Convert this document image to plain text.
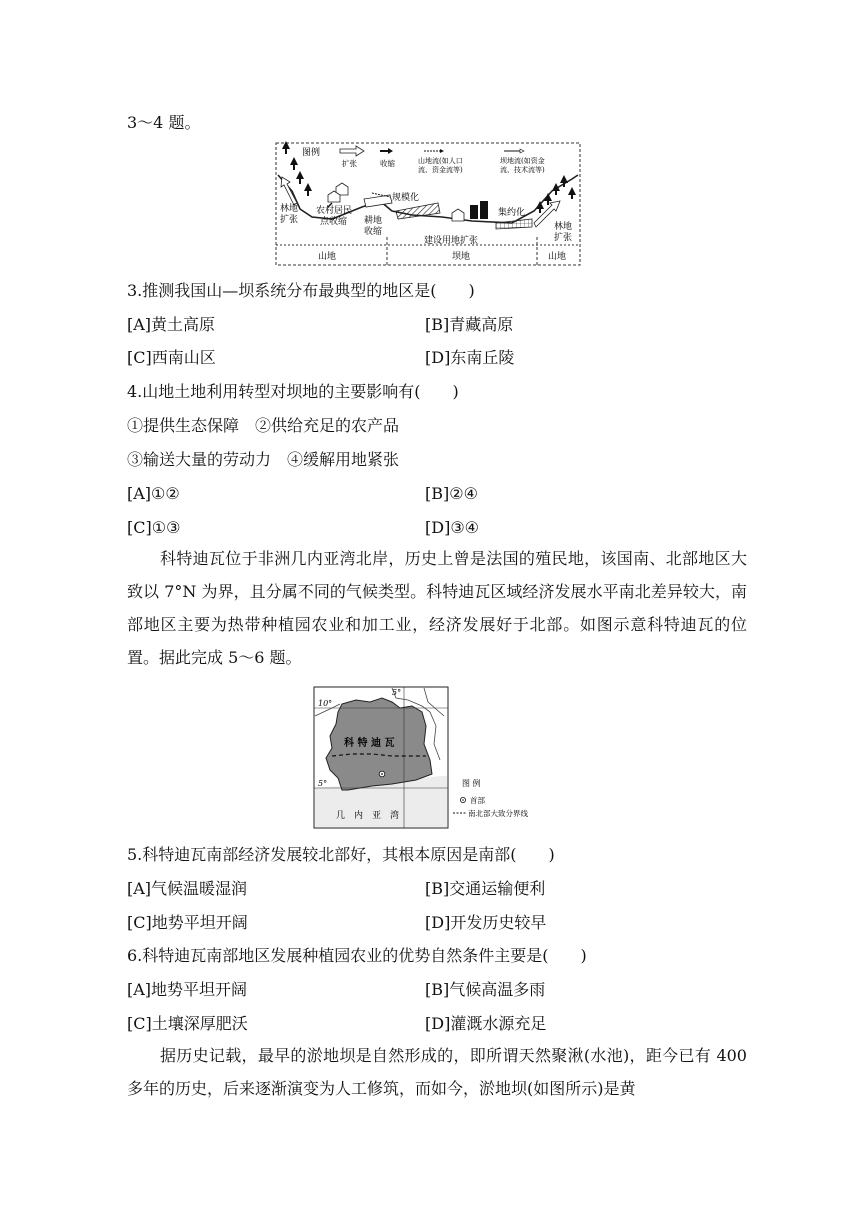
3～4 题。
图例
扩张	收缩	山地流(如人口
流、资金流等)
坝地流(如资金
流、技术流等)
林地
扩张
农村居民
点收缩 耕地
收缩
规模化
建设用地扩张
集约化
林地
扩张
山地	坝地	山地
3.推测我国山—坝系统分布最典型的地区是(　　)
[A]黄土高原	[B]青藏高原
[C]西南山区	[D]东南丘陵
4.山地土地利用转型对坝地的主要影响有(　　)
①提供生态保障　②供给充足的农产品
③输送大量的劳动力　④缓解用地紧张
[A]①②	[B]②④
[C]①③	[D]③④
科特迪瓦位于非洲几内亚湾北岸，历史上曾是法国的殖民地，该国南、北部地区大致以 7°N 为界，且分属不同的气候类型。科特迪瓦区域经济发展水平南北差异较大，南部地区主要为热带种植园农业和加工业，经济发展好于北部。如图示意科特迪瓦的位置。据此完成 5～6 题。
10°
5°
5°
科 特 迪 瓦
几　内　亚　湾
图 例
首部
南北部大致分界线
5.科特迪瓦南部经济发展较北部好，其根本原因是南部(　　)
[A]气候温暖湿润	[B]交通运输便利
[C]地势平坦开阔	[D]开发历史较早
6.科特迪瓦南部地区发展种植园农业的优势自然条件主要是(　　)
[A]地势平坦开阔	[B]气候高温多雨
[C]土壤深厚肥沃	[D]灌溉水源充足
据历史记载，最早的淤地坝是自然形成的，即所谓天然聚湫(水池)，距今已有 400 多年的历史，后来逐渐演变为人工修筑，而如今，淤地坝(如图所示)是黄
